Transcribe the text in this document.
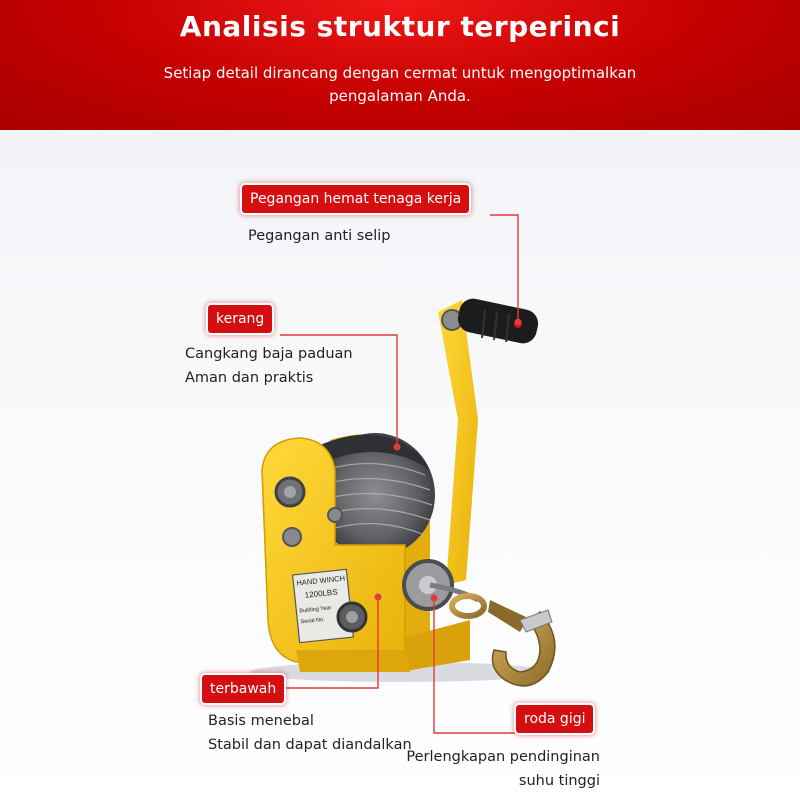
Analisis struktur terperinci

Setiap detail dirancang dengan cermat untuk mengoptimalkan
pengalaman Anda.

HAND WINCH
1200LBS
Building Year
Serial No.
Pegangan hemat tenaga kerja
Pegangan anti selip
kerang
Cangkang baja paduan
Aman dan praktis
terbawah
Basis menebal
Stabil dan dapat diandalkan
roda gigi
Perlengkapan pendinginan
suhu tinggi
